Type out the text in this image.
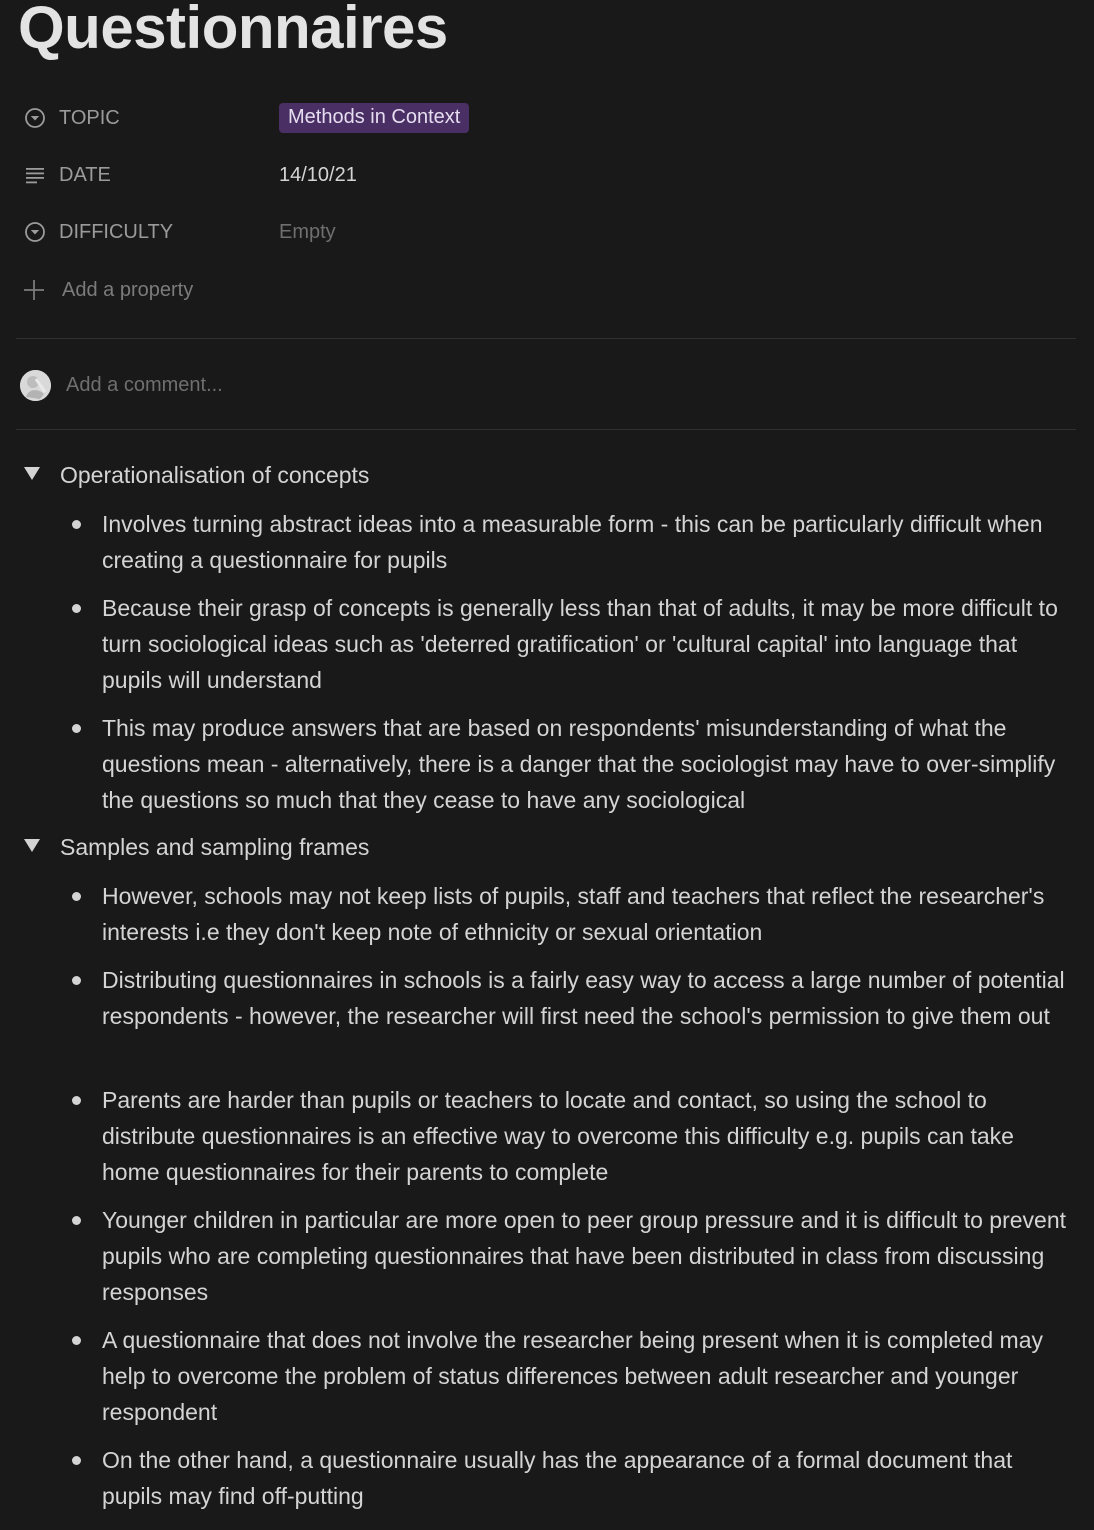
Questionnaires
TOPIC	Methods in Context
DATE	14/10/21
DIFFICULTY	Empty
Add a property
Add a comment...
Operationalisation of concepts
Involves turning abstract ideas into a measurable form - this can be particularly difficult when creating a questionnaire for pupils
Because their grasp of concepts is generally less than that of adults, it may be more difficult to turn sociological ideas such as 'deterred gratification' or 'cultural capital' into language that pupils will understand
This may produce answers that are based on respondents' misunderstanding of what the questions mean - alternatively, there is a danger that the sociologist may have to over-simplify the questions so much that they cease to have any sociological
Samples and sampling frames
However, schools may not keep lists of pupils, staff and teachers that reflect the researcher's interests i.e they don't keep note of ethnicity or sexual orientation
Distributing questionnaires in schools is a fairly easy way to access a large number of potential respondents - however, the researcher will first need the school's permission to give them out
Parents are harder than pupils or teachers to locate and contact, so using the school to distribute questionnaires is an effective way to overcome this difficulty e.g. pupils can take home questionnaires for their parents to complete
Younger children in particular are more open to peer group pressure and it is difficult to prevent pupils who are completing questionnaires that have been distributed in class from discussing responses
A questionnaire that does not involve the researcher being present when it is completed may help to overcome the problem of status differences between adult researcher and younger respondent
On the other hand, a questionnaire usually has the appearance of a formal document that pupils may find off-putting
